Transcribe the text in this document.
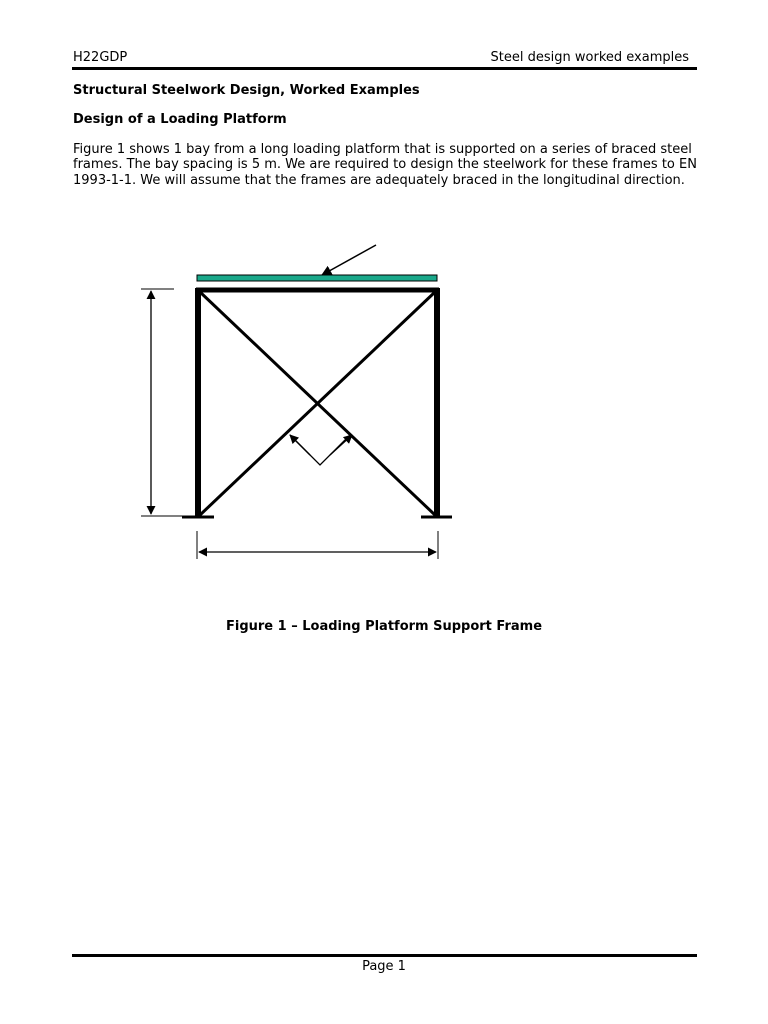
H22GDP	Steel design worked examples
Structural Steelwork Design, Worked Examples
Design of a Loading Platform

Figure 1 shows 1 bay from a long loading platform that is supported on a series of braced steel frames. The bay spacing is 5 m. We are required to design the steelwork for these frames to EN 1993-1-1. We will assume that the frames are adequately braced in the longitudinal direction.

Figure 1 – Loading Platform Support Frame
Page 1
